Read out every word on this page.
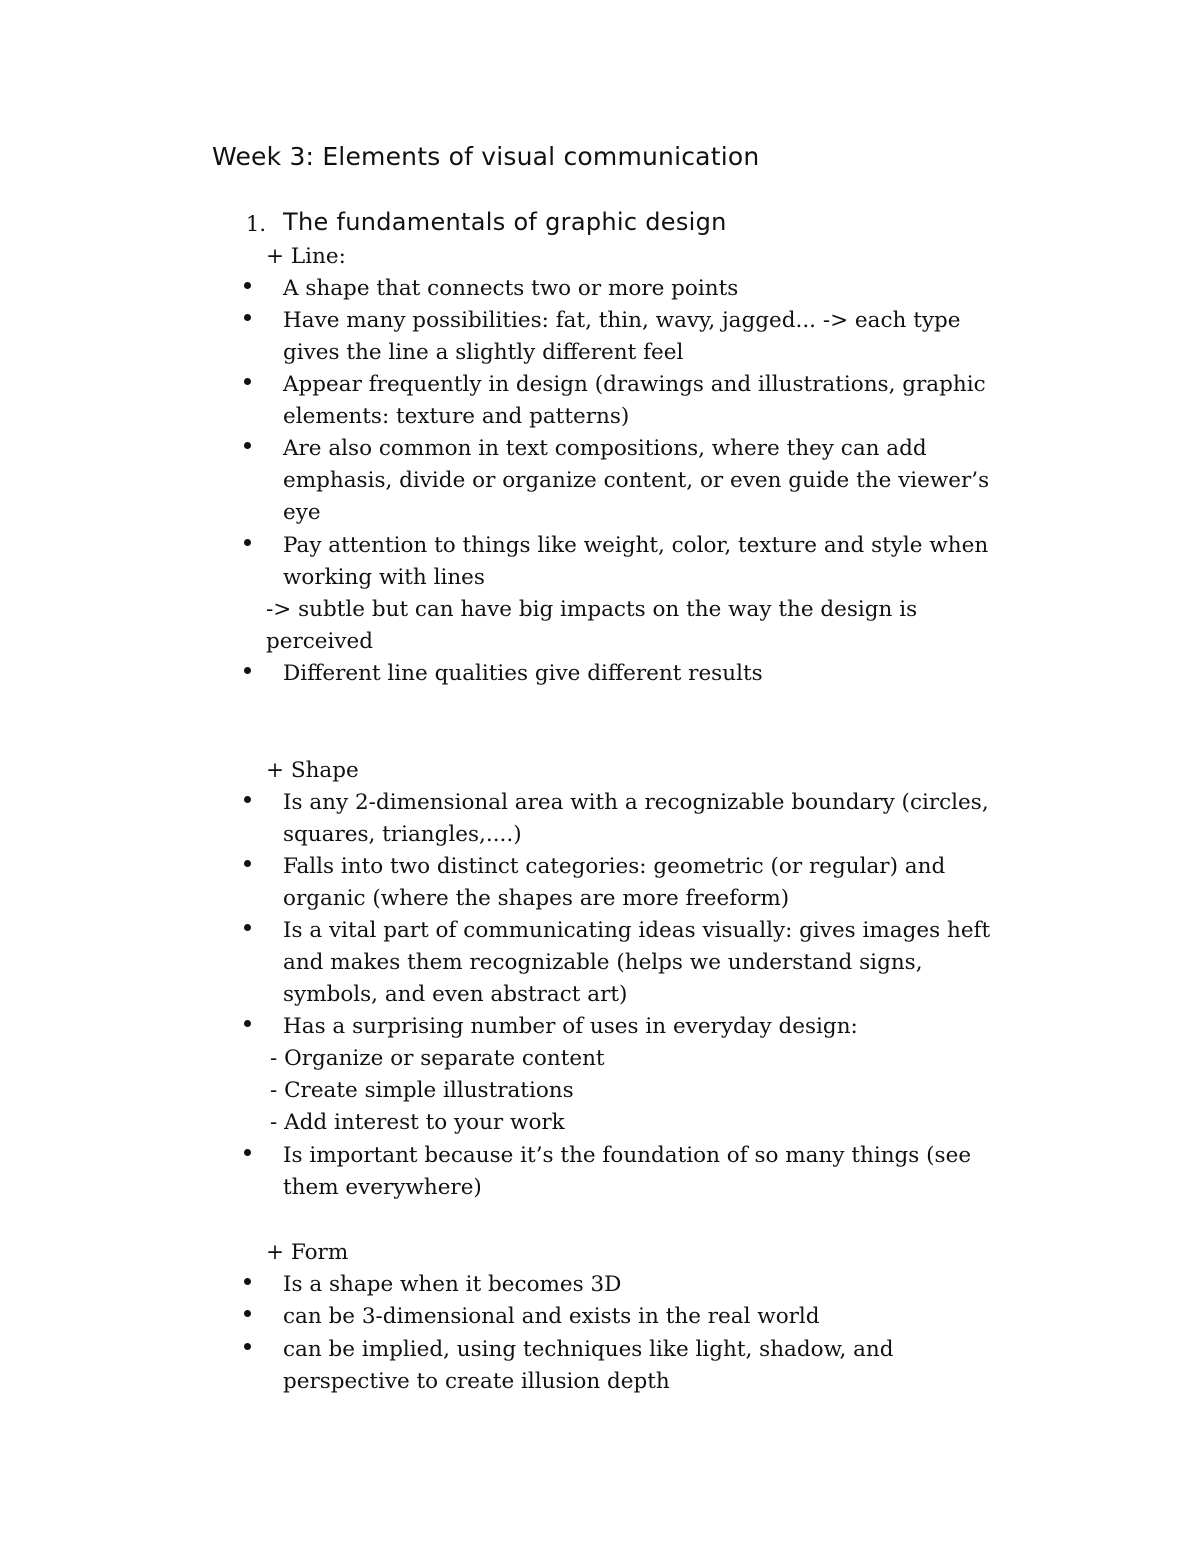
Week 3: Elements of visual communication
1. The fundamentals of graphic design
+ Line:
A shape that connects two or more points
Have many possibilities: fat, thin, wavy, jagged... -> each type
gives the line a slightly different feel
Appear frequently in design (drawings and illustrations, graphic
elements: texture and patterns)
Are also common in text compositions, where they can add
emphasis, divide or organize content, or even guide the viewer’s
eye
Pay attention to things like weight, color, texture and style when
working with lines
-> subtle but can have big impacts on the way the design is
perceived
Different line qualities give different results
+ Shape
Is any 2-dimensional area with a recognizable boundary (circles,
squares, triangles,....)
Falls into two distinct categories: geometric (or regular) and
organic (where the shapes are more freeform)
Is a vital part of communicating ideas visually: gives images heft
and makes them recognizable (helps we understand signs,
symbols, and even abstract art)
Has a surprising number of uses in everyday design:
- Organize or separate content
- Create simple illustrations
- Add interest to your work
Is important because it’s the foundation of so many things (see
them everywhere)
+ Form
Is a shape when it becomes 3D
can be 3-dimensional and exists in the real world
can be implied, using techniques like light, shadow, and
perspective to create illusion depth
